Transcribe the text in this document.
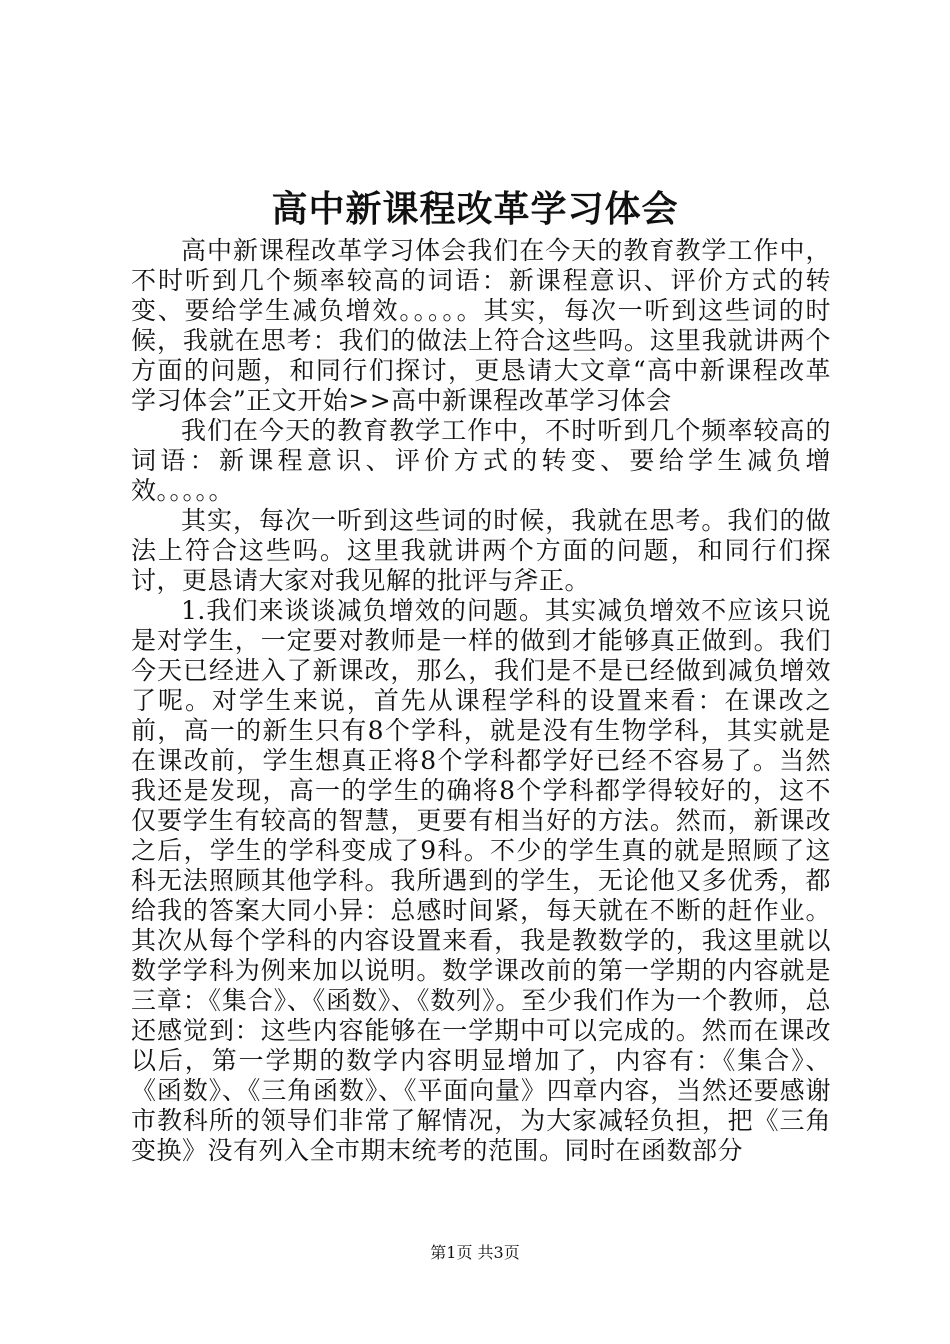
高中新课程改革学习体会

高中新课程改革学习体会我们在今天的教育教学工作中，不时听到几个频率较高的词语：新课程意识、评价方式的转变、要给学生减负增效。。。。。其实，每次一听到这些词的时候，我就在思考：我们的做法上符合这些吗。这里我就讲两个方面的问题，和同行们探讨，更恳请大文章“高中新课程改革学习体会”正文开始>>高中新课程改革学习体会

我们在今天的教育教学工作中，不时听到几个频率较高的词语：新课程意识、评价方式的转变、要给学生减负增效。。。。。

其实，每次一听到这些词的时候，我就在思考。我们的做法上符合这些吗。这里我就讲两个方面的问题，和同行们探讨，更恳请大家对我见解的批评与斧正。

1.我们来谈谈减负增效的问题。其实减负增效不应该只说是对学生，一定要对教师是一样的做到才能够真正做到。我们今天已经进入了新课改，那么，我们是不是已经做到减负增效了呢。对学生来说，首先从课程学科的设置来看：在课改之前，高一的新生只有8个学科，就是没有生物学科，其实就是在课改前，学生想真正将8个学科都学好已经不容易了。当然我还是发现，高一的学生的确将8个学科都学得较好的，这不仅要学生有较高的智慧，更要有相当好的方法。然而，新课改之后，学生的学科变成了9科。不少的学生真的就是照顾了这科无法照顾其他学科。我所遇到的学生，无论他又多优秀，都给我的答案大同小异：总感时间紧，每天就在不断的赶作业。其次从每个学科的内容设置来看，我是教数学的，我这里就以数学学科为例来加以说明。数学课改前的第一学期的内容就是三章：《集合》、《函数》、《数列》。至少我们作为一个教师，总还感觉到：这些内容能够在一学期中可以完成的。然而在课改以后，第一学期的数学内容明显增加了，内容有：《集合》、《函数》、《三角函数》、《平面向量》四章内容，当然还要感谢市教科所的领导们非常了解情况，为大家减轻负担，把《三角变换》没有列入全市期末统考的范围。同时在函数部分

第1页 共3页
